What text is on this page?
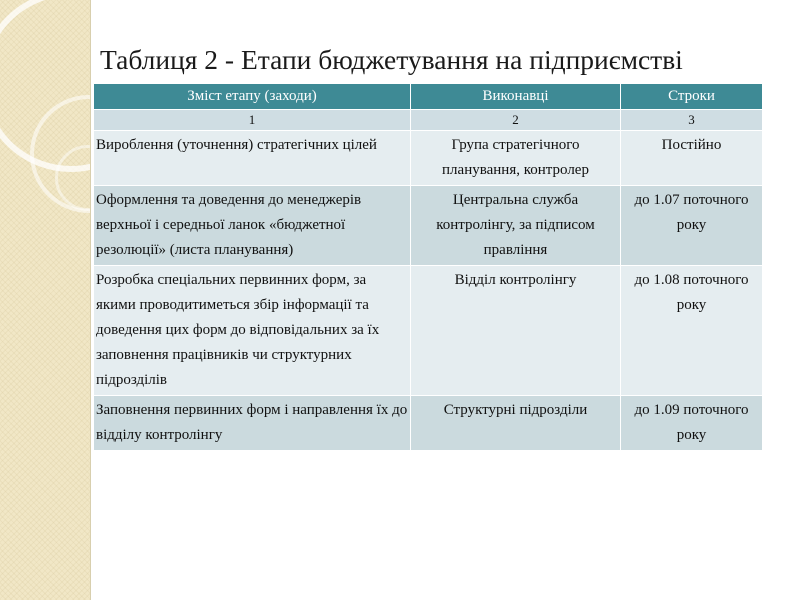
Таблиця 2 - Етапи бюджетування на підприємстві
Зміст етапу (заходи)	Виконавці	Строки
1	2	3
Вироблення (уточнення) стратегічних цілей	Група стратегічного планування, контролер	Постійно
Оформлення та доведення до менеджерів верхньої і середньої ланок «бюджетної резолюції» (листа планування)	Центральна служба контролінгу, за підписом правління	до 1.07 поточного року
Розробка спеціальних первинних форм, за якими проводитиметься збір інформації та доведення цих форм до відповідальних за їх заповнення працівників чи структурних підрозділів	Відділ контролінгу	до 1.08 поточного року
Заповнення первинних форм і направлення їх до відділу контролінгу	Структурні підрозділи	до 1.09 поточного року
